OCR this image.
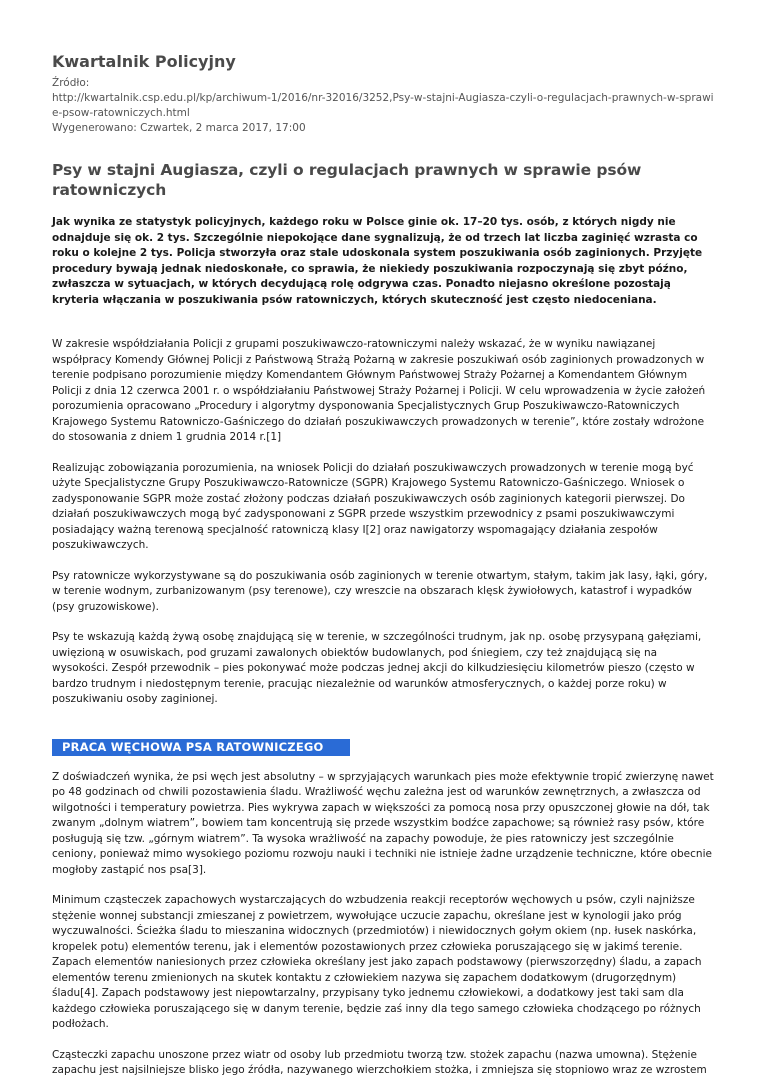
Kwartalnik Policyjny
Źródło:
http://kwartalnik.csp.edu.pl/kp/archiwum-1/2016/nr-32016/3252,Psy-w-stajni-Augiasza-czyli-o-regulacjach-prawnych-w-sprawie-psow-ratowniczych.html
Wygenerowano: Czwartek, 2 marca 2017, 17:00
Psy w stajni Augiasza, czyli o regulacjach prawnych w sprawie psów ratowniczych

Jak wynika ze statystyk policyjnych, każdego roku w Polsce ginie ok. 17–20 tys. osób, z których nigdy nie odnajduje się ok. 2 tys. Szczególnie niepokojące dane sygnalizują, że od trzech lat liczba zaginięć wzrasta co roku o kolejne 2 tys. Policja stworzyła oraz stale udoskonala system poszukiwania osób zaginionych. Przyjęte procedury bywają jednak niedoskonałe, co sprawia, że niekiedy poszukiwania rozpoczynają się zbyt późno, zwłaszcza w sytuacjach, w których decydującą rolę odgrywa czas. Ponadto niejasno określone pozostają kryteria włączania w poszukiwania psów ratowniczych, których skuteczność jest często niedoceniana.

W zakresie współdziałania Policji z grupami poszukiwawczo-ratowniczymi należy wskazać, że w wyniku nawiązanej współpracy Komendy Głównej Policji z Państwową Strażą Pożarną w zakresie poszukiwań osób zaginionych prowadzonych w terenie podpisano porozumienie między Komendantem Głównym Państwowej Straży Pożarnej a Komendantem Głównym Policji z dnia 12 czerwca 2001 r. o współdziałaniu Państwowej Straży Pożarnej i Policji. W celu wprowadzenia w życie założeń porozumienia opracowano „Procedury i algorytmy dysponowania Specjalistycznych Grup Poszukiwawczo-Ratowniczych Krajowego Systemu Ratowniczo-Gaśniczego do działań poszukiwawczych prowadzonych w terenie”, które zostały wdrożone do stosowania z dniem 1 grudnia 2014 r.[1]

Realizując zobowiązania porozumienia, na wniosek Policji do działań poszukiwawczych prowadzonych w terenie mogą być użyte Specjalistyczne Grupy Poszukiwawczo-Ratownicze (SGPR) Krajowego Systemu Ratowniczo-Gaśniczego. Wniosek o zadysponowanie SGPR może zostać złożony podczas działań poszukiwawczych osób zaginionych kategorii pierwszej. Do działań poszukiwawczych mogą być zadysponowani z SGPR przede wszystkim przewodnicy z psami poszukiwawczymi posiadający ważną terenową specjalność ratowniczą klasy I[2] oraz nawigatorzy wspomagający działania zespołów poszukiwawczych.

Psy ratownicze wykorzystywane są do poszukiwania osób zaginionych w terenie otwartym, stałym, takim jak lasy, łąki, góry, w terenie wodnym, zurbanizowanym (psy terenowe), czy wreszcie na obszarach klęsk żywiołowych, katastrof i wypadków (psy gruzowiskowe).

Psy te wskazują każdą żywą osobę znajdującą się w terenie, w szczególności trudnym, jak np. osobę przysypaną gałęziami, uwięzioną w osuwiskach, pod gruzami zawalonych obiektów budowlanych, pod śniegiem, czy też znajdującą się na wysokości. Zespół przewodnik – pies pokonywać może podczas jednej akcji do kilkudziesięciu kilometrów pieszo (często w bardzo trudnym i niedostępnym terenie, pracując niezależnie od warunków atmosferycznych, o każdej porze roku) w poszukiwaniu osoby zaginionej.

PRACA WĘCHOWA PSA RATOWNICZEGO

Z doświadczeń wynika, że psi węch jest absolutny – w sprzyjających warunkach pies może efektywnie tropić zwierzynę nawet po 48 godzinach od chwili pozostawienia śladu. Wrażliwość węchu zależna jest od warunków zewnętrznych, a zwłaszcza od wilgotności i temperatury powietrza. Pies wykrywa zapach w większości za pomocą nosa przy opuszczonej głowie na dół, tak zwanym „dolnym wiatrem”, bowiem tam koncentrują się przede wszystkim bodźce zapachowe; są również rasy psów, które posługują się tzw. „górnym wiatrem”. Ta wysoka wrażliwość na zapachy powoduje, że pies ratowniczy jest szczególnie ceniony, ponieważ mimo wysokiego poziomu rozwoju nauki i techniki nie istnieje żadne urządzenie techniczne, które obecnie mogłoby zastąpić nos psa[3].

Minimum cząsteczek zapachowych wystarczających do wzbudzenia reakcji receptorów węchowych u psów, czyli najniższe stężenie wonnej substancji zmieszanej z powietrzem, wywołujące uczucie zapachu, określane jest w kynologii jako próg wyczuwalności. Ścieżka śladu to mieszanina widocznych (przedmiotów) i niewidocznych gołym okiem (np. łusek naskórka, kropelek potu) elementów terenu, jak i elementów pozostawionych przez człowieka poruszającego się w jakimś terenie. Zapach elementów naniesionych przez człowieka określany jest jako zapach podstawowy (pierwszorzędny) śladu, a zapach elementów terenu zmienionych na skutek kontaktu z człowiekiem nazywa się zapachem dodatkowym (drugorzędnym) śladu[4]. Zapach podstawowy jest niepowtarzalny, przypisany tyko jednemu człowiekowi, a dodatkowy jest taki sam dla każdego człowieka poruszającego się w danym terenie, będzie zaś inny dla tego samego człowieka chodzącego po różnych podłożach.

Cząsteczki zapachu unoszone przez wiatr od osoby lub przedmiotu tworzą tzw. stożek zapachu (nazwa umowna). Stężenie zapachu jest najsilniejsze blisko jego źródła, nazywanego wierzchołkiem stożka, i zmniejsza się stopniowo wraz ze wzrostem
